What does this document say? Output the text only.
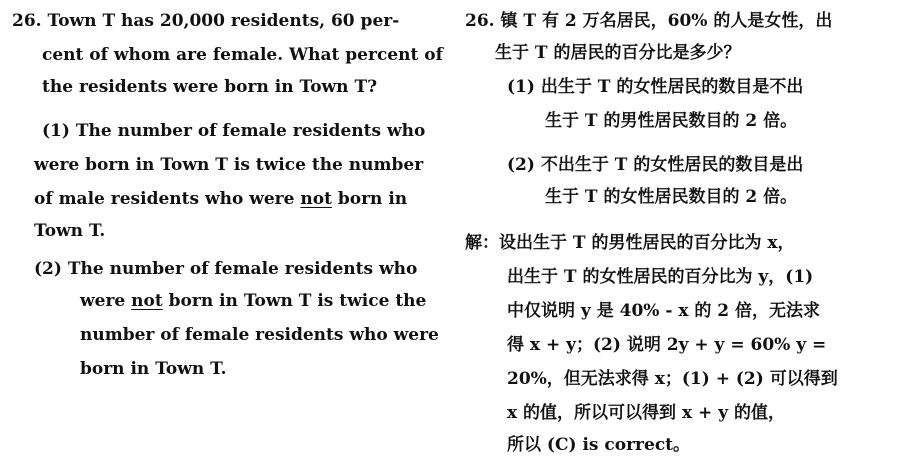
26. Town T has 20,000 residents, 60 per-
cent of whom are female. What percent of
the residents were born in Town T?
(1) The number of female residents who
were born in Town T is twice the number
of male residents who were not born in
Town T.
(2) The number of female residents who
were not born in Town T is twice the
number of female residents who were
born in Town T.
26. 镇 T 有 2 万名居民，60% 的人是女性，出
生于 T 的居民的百分比是多少？
(1) 出生于 T 的女性居民的数目是不出
生于 T 的男性居民数目的 2 倍。
(2) 不出生于 T 的女性居民的数目是出
生于 T 的女性居民数目的 2 倍。
解：设出生于 T 的男性居民的百分比为 x，
出生于 T 的女性居民的百分比为 y，(1)
中仅说明 y 是 40% - x 的 2 倍，无法求
得 x + y；(2) 说明 2y + y = 60% y =
20%，但无法求得 x；(1) + (2) 可以得到
x 的值，所以可以得到 x + y 的值，
所以 (C) is correct。
